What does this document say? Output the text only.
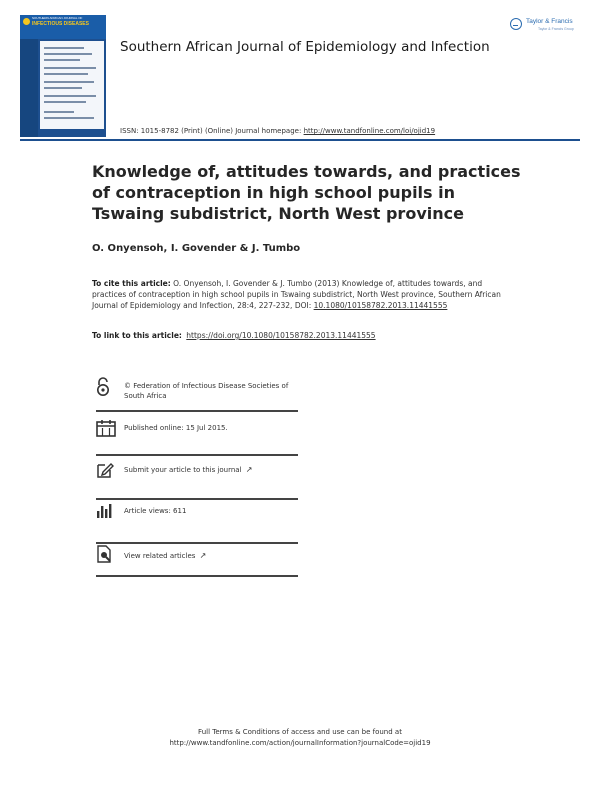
SOUTHERN AFRICAN JOURNAL OF
INFECTIOUS DISEASES
Southern African Journal of Epidemiology and Infection
Taylor & Francis
Taylor & Francis Group
ISSN: 1015-8782 (Print) (Online) Journal homepage: http://www.tandfonline.com/loi/ojid19
Knowledge of, attitudes towards, and practices of contraception in high school pupils in Tswaing subdistrict, North West province
O. Onyensoh, I. Govender & J. Tumbo
To cite this article: O. Onyensoh, I. Govender & J. Tumbo (2013) Knowledge of, attitudes towards, and practices of contraception in high school pupils in Tswaing subdistrict, North West province, Southern African Journal of Epidemiology and Infection, 28:4, 227-232, DOI: 10.1080/10158782.2013.11441555
To link to this article: https://doi.org/10.1080/10158782.2013.11441555
© Federation of Infectious Disease Societies of South Africa
Published online: 15 Jul 2015.
Submit your article to this journal ↗
Article views: 611
View related articles ↗
Full Terms & Conditions of access and use can be found at
http://www.tandfonline.com/action/journalInformation?journalCode=ojid19
